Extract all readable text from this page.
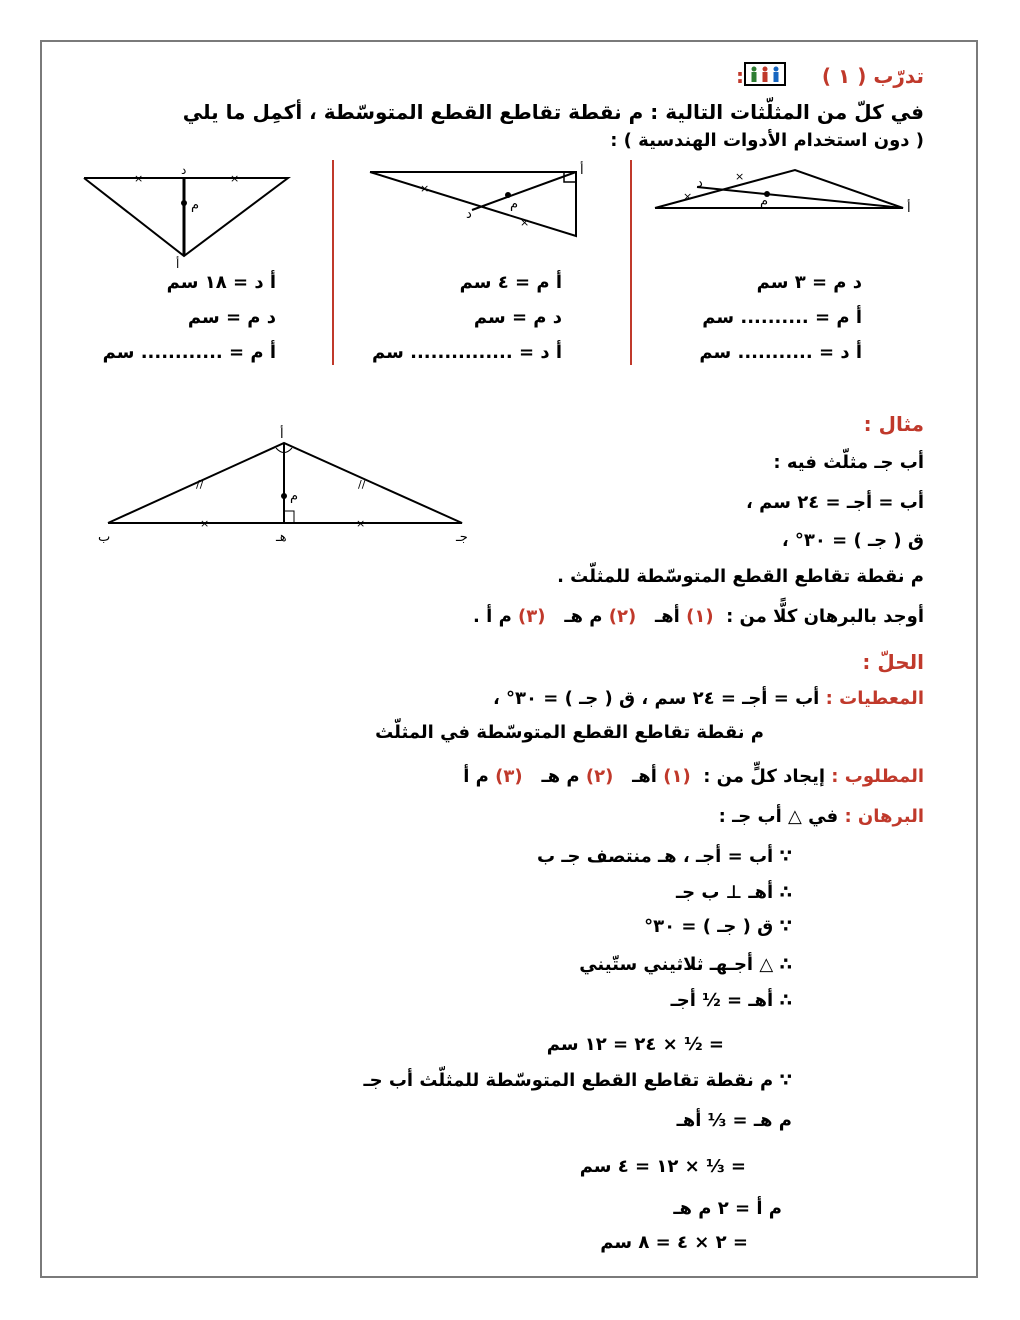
تدرّب ( ١ )
:
في كلّ من المثلّثات التالية : م نقطة تقاطع القطع المتوسّطة ، أكمِل ما يلي
( دون استخدام الأدوات الهندسية ) :
×
×
د
م	أ
د م = ٣ سم
أ م = .......... سم
أ د = ........... سم
×
×
أ
م
د
أ م = ٤ سم
د م = سم
أ د = ............... سم
×	×
د
م
أ
أ د = ١٨ سم
د م = سم
أ م = ............ سم
مثال :
//	//
×	×
أ
ب	هـ	جـ
م
أب جـ مثلّث فيه :
أب = أجـ = ٢٤ سم ،
ق ( جـ ) = ٣٠° ،
م نقطة تقاطع القطع المتوسّطة للمثلّث .
أوجد بالبرهان كلًّا من :  (١) أهـ   (٢) م هـ   (٣) م أ .
الحلّ :
المعطيات : أب = أجـ = ٢٤ سم ، ق ( جـ ) = ٣٠° ،
م نقطة تقاطع القطع المتوسّطة في المثلّث
المطلوب : إيجاد كلٍّ من :  (١) أهـ   (٢) م هـ   (٣) م أ
البرهان : في △ أب جـ :
∵ أب = أجـ ، هـ منتصف جـ ب
∴ أهـ ⊥ ب جـ
∵ ق ( جـ ) = ٣٠°
∴ △ أجـهـ ثلاثيني ستّيني
∴ أهـ = ½ أجـ
= ½ × ٢٤ = ١٢ سم
∵ م نقطة تقاطع القطع المتوسّطة للمثلّث أب جـ
م هـ = ⅓ أهـ
= ⅓ × ١٢ = ٤ سم
م أ = ٢ م هـ
= ٢ × ٤ = ٨ سم
